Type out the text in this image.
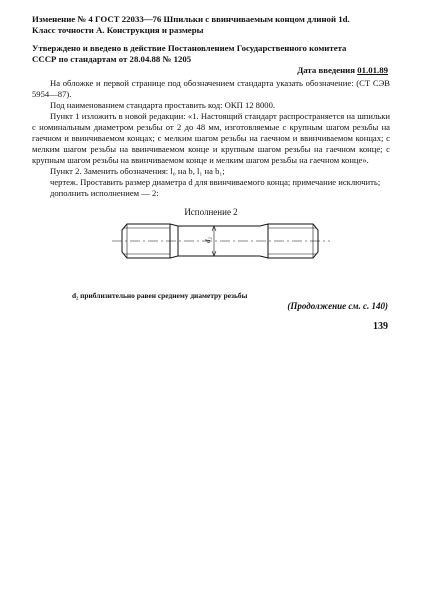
Изменение № 4 ГОСТ 22033—76 Шпильки с ввинчиваемым концом длиной 1d.
Класс точности А. Конструкция и размеры
Утверждено и введено в действие Постановлением Государственного комитета
СССР по стандартам от 28.04.88 № 1205
Дата введения 01.01.89
На обложке и первой странице под обозначением стандарта указать обозначение: (СТ СЭВ 5954—87).
Под наименованием стандарта проставить код: ОКП 12 8000.
Пункт 1 изложить в новой редакции: «1. Настоящий стандарт распространяется на шпильки с номинальным диаметром резьбы от 2 до 48 мм, изготовляемые с крупным шагом резьбы на гаечном и ввинчиваемом концах; с мелким шагом резьбы на гаечном и ввинчиваемом концах; с мелким шагом резьбы на ввинчиваемом конце и крупным шагом резьбы на гаечном конце; с крупным шагом резьбы на ввинчиваемом конце и мелким шагом резьбы на гаечном конце».
Пункт 2. Заменить обозначения: l₀ на b, l₁ на b₁;
чертеж. Проставить размер диаметра d для ввинчиваемого конца; примечание исключить;
дополнить исполнением — 2:
Исполнение 2
d₂
d₂ приблизительно равен среднему диаметру резьбы
(Продолжение см. с. 140)
139
